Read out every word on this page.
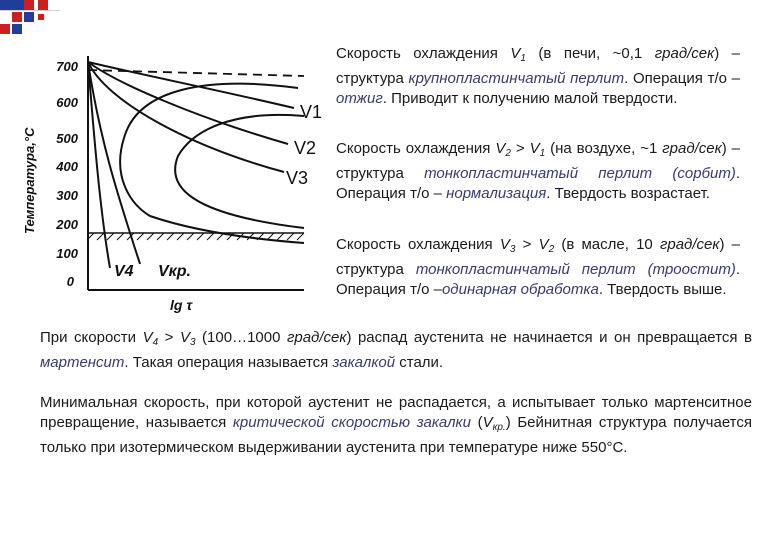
700
600
500
400
300
200
100
0
Температура,°С
lg τ
V1
V2
V3
V4 Vкр.

Скорость охлаждения $V_1$ (в печи, ~0,1 град/сек) – структура крупнопластинчатый перлит. Операция т/о – отжиг. Приводит к получению малой твердости.

Скорость охлаждения $V_2 > V_1$ (на воздухе, ~1 град/сек) – структура тонкопластинчатый перлит (сорбит). Операция т/о – нормализация. Твердость возрастает.

Скорость охлаждения $V_3 > V_2$ (в масле, 10 град/сек) – структура тонкопластинчатый перлит (троостит). Операция т/о –одинарная обработка. Твердость выше.

При скорости $V_4 > V_3$ (100…1000 град/сек) распад аустенита не начинается и он превращается в мартенсит. Такая операция называется закалкой стали.

Минимальная скорость, при которой аустенит не распадается, а испытывает только мартенситное превращение, называется критической скоростью закалки $(V_{кр.})$ Бейнитная структура получается только при изотермическом выдерживании аустенита при температуре ниже 550°С.
